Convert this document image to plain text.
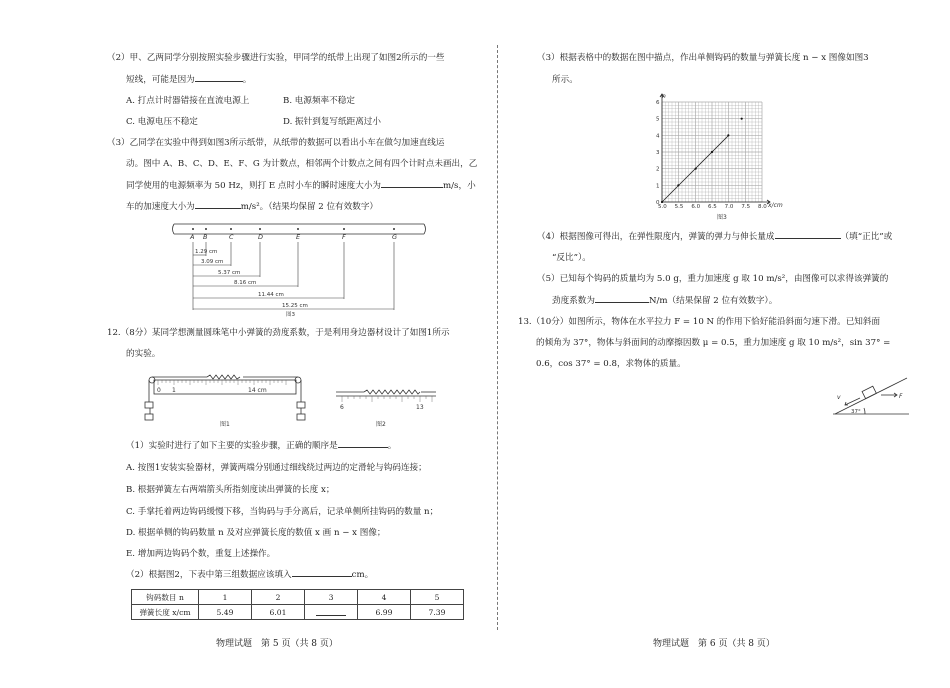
（2）甲、乙两同学分别按照实验步骤进行实验，甲同学的纸带上出现了如图2所示的一些
短线，可能是因为	。
A. 打点计时器错接在直流电源上	B. 电源频率不稳定
C. 电源电压不稳定	D. 振针到复写纸距离过小
（3）乙同学在实验中得到如图3所示纸带，从纸带的数据可以看出小车在做匀加速直线运
动。图中 A、B、C、D、E、F、G 为计数点，相邻两个计数点之间有四个计时点未画出，乙
同学使用的电源频率为 50 Hz，则打 E 点时小车的瞬时速度大小为	m/s，小
车的加速度大小为	m/s²。（结果均保留 2 位有效数字）
A B	C	D	E	F	G
1.29 cm
3.09 cm
5.37 cm
8.16 cm
11.44 cm
15.25 cm
图3
12.（8分）某同学想测量圆珠笔中小弹簧的劲度系数，于是利用身边器材设计了如图1所示
的实验。
0 1	14 cm
图1
6	13
图2
（1）实验时进行了如下主要的实验步骤，正确的顺序是	。
A. 按图1安装实验器材，弹簧两端分别通过细线绕过两边的定滑轮与钩码连接；
B. 根据弹簧左右两端箭头所指刻度读出弹簧的长度 x；
C. 手掌托着两边钩码缓慢下移，当钩码与手分离后，记录单侧所挂钩码的数量 n；
D. 根据单侧的钩码数量 n 及对应弹簧长度的数值 x 画 n − x 图像；
E. 增加两边钩码个数，重复上述操作。
（2）根据图2，下表中第三组数据应该填入	cm。
钩码数目 n	1	2	3	4	5
弹簧长度 x/cm	5.49	6.01		6.99	7.39
物理试题　第 5 页（共 8 页）
（3）根据表格中的数据在图中描点，作出单侧钩码的数量与弹簧长度 n − x 图像如图3
所示。
5.0 5.5 6.0 6.5 7.0 7.5 8.0
0
1
2
3
4
5
6
n
x/cm
图3
（4）根据图像可得出，在弹性限度内，弹簧的弹力与伸长量成	（填“正比”或
“反比”）。
（5）已知每个钩码的质量均为 5.0 g，重力加速度 g 取 10 m/s²，由图像可以求得该弹簧的
劲度系数为	N/m（结果保留 2 位有效数字）。
13.（10分）如图所示，物体在水平拉力 F = 10 N 的作用下恰好能沿斜面匀速下滑。已知斜面
的倾角为 37°，物体与斜面间的动摩擦因数 μ = 0.5，重力加速度 g 取 10 m/s²，sin 37° =
0.6，cos 37° = 0.8，求物体的质量。
v	F
37°
物理试题　第 6 页（共 8 页）
